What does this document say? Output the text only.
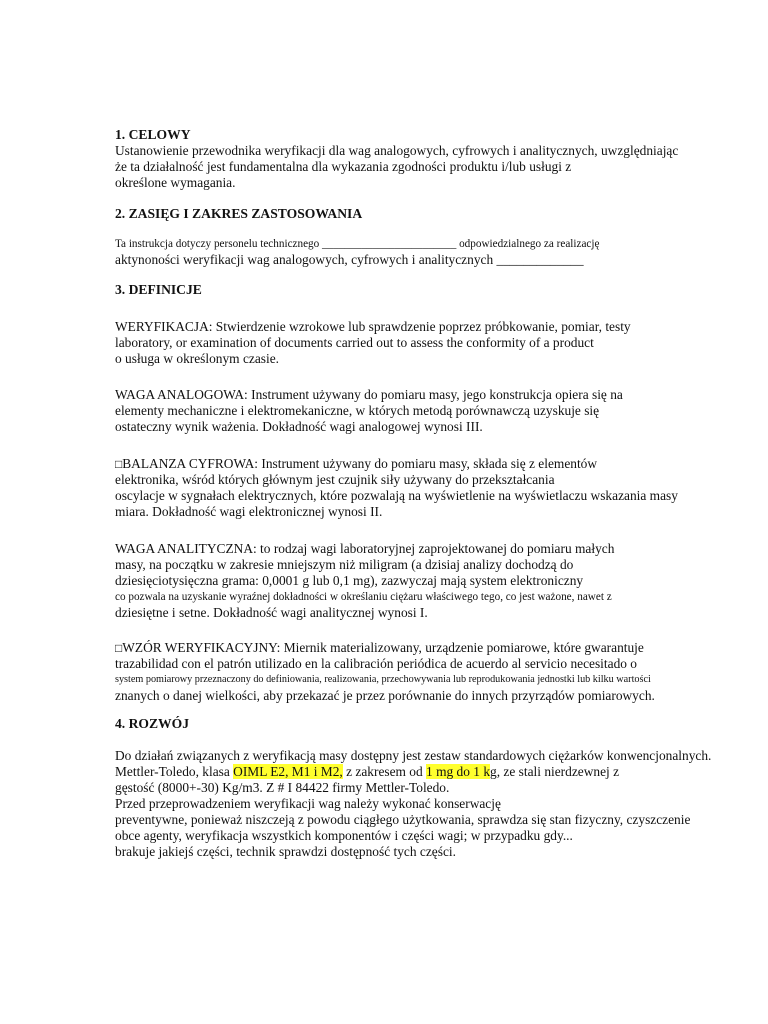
1. CELOWY
Ustanowienie przewodnika weryfikacji dla wag analogowych, cyfrowych i analitycznych, uwzględniając
że ta działalność jest fundamentalna dla wykazania zgodności produktu i/lub usługi z
określone wymagania.
2. ZASIĘG I ZAKRES ZASTOSOWANIA
Ta instrukcja dotyczy personelu technicznego ________________________ odpowiedzialnego za realizację
aktynoności weryfikacji wag analogowych, cyfrowych i analitycznych _____________
3. DEFINICJE
WERYFIKACJA: Stwierdzenie wzrokowe lub sprawdzenie poprzez próbkowanie, pomiar, testy
laboratory, or examination of documents carried out to assess the conformity of a product
o usługa w określonym czasie.
WAGA ANALOGOWA: Instrument używany do pomiaru masy, jego konstrukcja opiera się na
elementy mechaniczne i elektromekaniczne, w których metodą porównawczą uzyskuje się
ostateczny wynik ważenia. Dokładność wagi analogowej wynosi III.
□BALANZA CYFROWA: Instrument używany do pomiaru masy, składa się z elementów
elektronika, wśród których głównym jest czujnik siły używany do przekształcania
oscylacje w sygnałach elektrycznych, które pozwalają na wyświetlenie na wyświetlaczu wskazania masy
miara. Dokładność wagi elektronicznej wynosi II.
WAGA ANALITYCZNA: to rodzaj wagi laboratoryjnej zaprojektowanej do pomiaru małych
masy, na początku w zakresie mniejszym niż miligram (a dzisiaj analizy dochodzą do
dziesięciotysięczna grama: 0,0001 g lub 0,1 mg), zazwyczaj mają system elektroniczny
co pozwala na uzyskanie wyraźnej dokładności w określaniu ciężaru właściwego tego, co jest ważone, nawet z
dziesiętne i setne. Dokładność wagi analitycznej wynosi I.
□WZÓR WERYFIKACYJNY: Miernik materializowany, urządzenie pomiarowe, które gwarantuje
trazabilidad con el patrón utilizado en la calibración periódica de acuerdo al servicio necesitado o
system pomiarowy przeznaczony do definiowania, realizowania, przechowywania lub reprodukowania jednostki lub kilku wartości
znanych o danej wielkości, aby przekazać je przez porównanie do innych przyrządów pomiarowych.
4. ROZWÓJ
Do działań związanych z weryfikacją masy dostępny jest zestaw standardowych ciężarków konwencjonalnych.
Mettler-Toledo, klasa OIML E2, M1 i M2, z zakresem od 1 mg do 1 kg, ze stali nierdzewnej z
gęstość (8000+-30) Kg/m3. Z # I 84422 firmy Mettler-Toledo.
Przed przeprowadzeniem weryfikacji wag należy wykonać konserwację
preventywne, ponieważ niszczeją z powodu ciągłego użytkowania, sprawdza się stan fizyczny, czyszczenie
obce agenty, weryfikacja wszystkich komponentów i części wagi; w przypadku gdy...
brakuje jakiejś części, technik sprawdzi dostępność tych części.
